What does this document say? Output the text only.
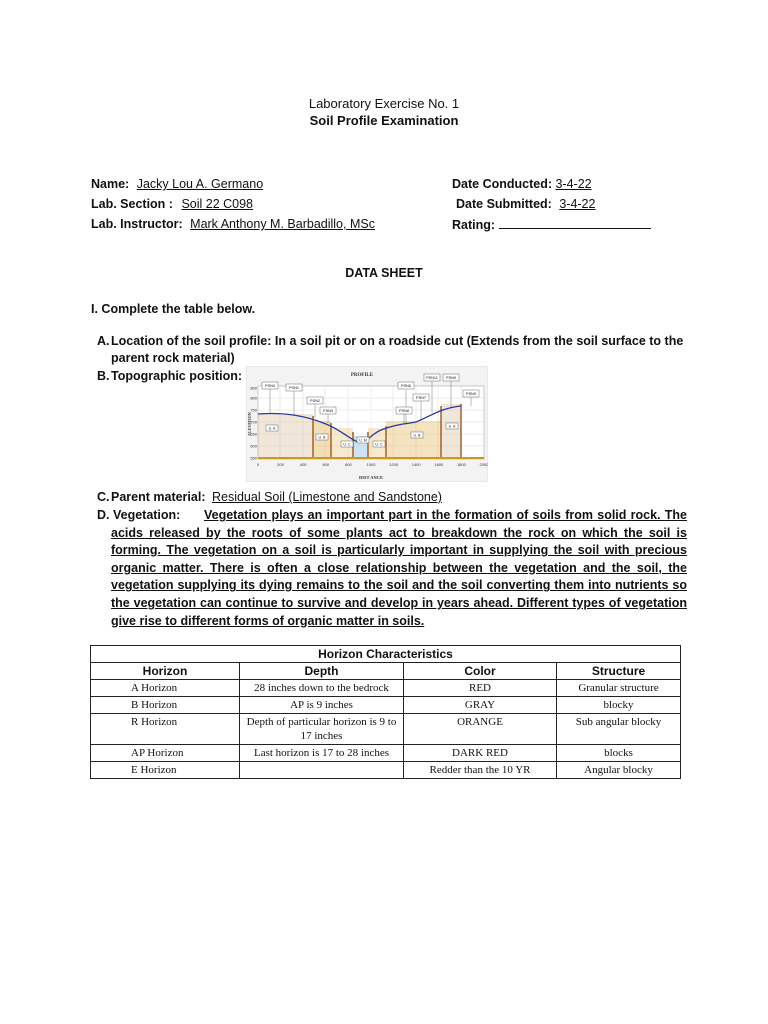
Laboratory Exercise No. 1
Soil Profile Examination
Name: Jacky Lou A. Germano
Lab. Section : Soil 22 C098
Lab. Instructor: Mark Anthony M. Barbadillo, MSc
Date Conducted: 3-4-22
Date Submitted: 3-4-22
Rating:
DATA SHEET
I. Complete the table below.
A. Location of the soil profile: In a soil pit or on a roadside cut (Extends from the soil surface to the parent rock material)
B. Topographic position:	PROFILE
ELEVATION
DIST ANCE
850
800
750
700
650
600
550
0	200	400	600	800	1000	1200	1400	1600	1800	2000
PSN4	PSN1
PSN2
PSN3	PSN8
PSN6
PSN7
PSN11 PSN9
PSN5
U. A
U. B
U. C
U. M
U. C
U. B
U. A
C. Parent material: Residual Soil (Limestone and Sandstone)
D. Vegetation:	Vegetation plays an important part in the formation of soils from solid rock. The acids released by the roots of some plants act to breakdown the rock on which the soil is forming. The vegetation on a soil is particularly important in supplying the soil with precious organic matter. There is often a close relationship between the vegetation and the soil, the vegetation supplying its dying remains to the soil and the soil converting them into nutrients so the vegetation can continue to survive and develop in years ahead. Different types of vegetation give rise to different forms of organic matter in soils.
Horizon Characteristics			
Horizon	Depth	Color	Structure
A Horizon	28 inches down to the bedrock	RED	Granular structure
B Horizon	AP is 9 inches	GRAY	blocky
R Horizon	Depth of particular horizon is 9 to 17 inches	ORANGE	Sub angular blocky
AP Horizon	Last horizon is 17 to 28 inches	DARK RED	blocks
E Horizon		Redder than the 10 YR	Angular blocky
